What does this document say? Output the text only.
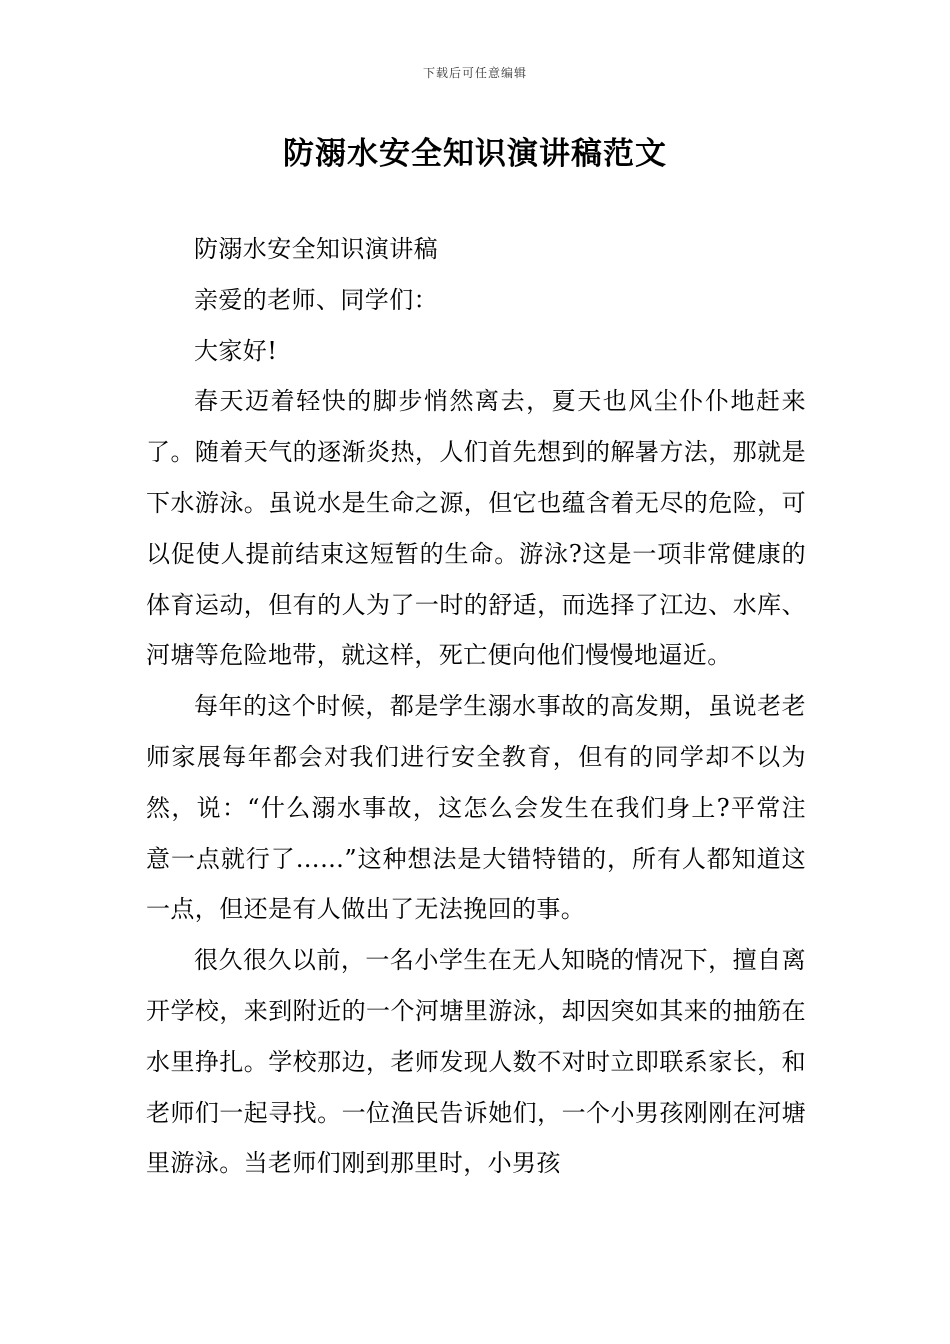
下载后可任意编辑
防溺水安全知识演讲稿范文

防溺水安全知识演讲稿

亲爱的老师、同学们：

大家好!

春天迈着轻快的脚步悄然离去，夏天也风尘仆仆地赶来了。随着天气的逐渐炎热，人们首先想到的解暑方法，那就是下水游泳。虽说水是生命之源，但它也蕴含着无尽的危险，可以促使人提前结束这短暂的生命。游泳?这是一项非常健康的体育运动，但有的人为了一时的舒适，而选择了江边、水库、河塘等危险地带，就这样，死亡便向他们慢慢地逼近。

每年的这个时候，都是学生溺水事故的高发期，虽说老老师家展每年都会对我们进行安全教育，但有的同学却不以为然，说：“什么溺水事故，这怎么会发生在我们身上?平常注意一点就行了……”这种想法是大错特错的，所有人都知道这一点，但还是有人做出了无法挽回的事。

很久很久以前，一名小学生在无人知晓的情况下，擅自离开学校，来到附近的一个河塘里游泳，却因突如其来的抽筋在水里挣扎。学校那边，老师发现人数不对时立即联系家长，和老师们一起寻找。一位渔民告诉她们，一个小男孩刚刚在河塘里游泳。当老师们刚到那里时，小男孩
